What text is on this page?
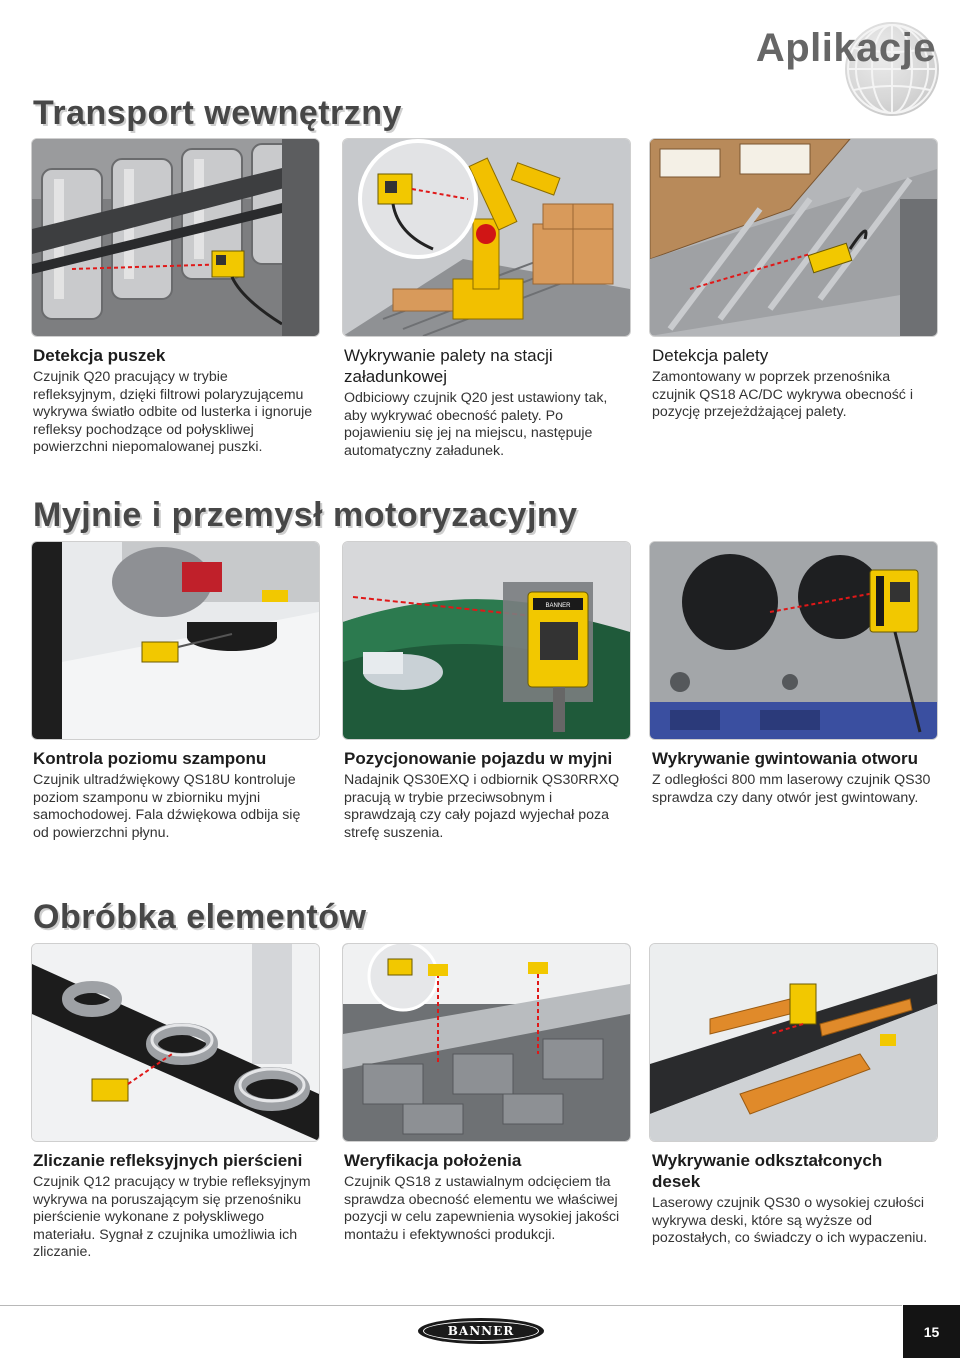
Aplikacje
Transport wewnętrzny
Detekcja puszek

Czujnik Q20 pracujący w trybie refleksyjnym, dzięki filtrowi polaryzującemu wykrywa światło odbite od lusterka i ignoruje refleksy pochodzące od połyskliwej powierzchni niepomalowanej puszki.

Wykrywanie palety na stacji załadunkowej

Odbiciowy czujnik Q20 jest ustawiony tak, aby wykrywać obecność palety. Po pojawieniu się jej na miejscu, następuje automatyczny załadunek.

Detekcja palety

Zamontowany w poprzek przenośnika czujnik QS18 AC/DC wykrywa obecność i pozycję przejeżdżającej palety.

Myjnie i przemysł motoryzacyjny
BANNER
Kontrola poziomu szamponu

Czujnik ultradźwiękowy QS18U kontroluje poziom szamponu w zbiorniku myjni samochodowej. Fala dźwiękowa odbija się od powierzchni płynu.

Pozycjonowanie pojazdu w myjni

Nadajnik QS30EXQ i odbiornik QS30RRXQ pracują w trybie przeciwsobnym i sprawdzają czy cały pojazd wyjechał poza strefę suszenia.

Wykrywanie gwintowania otworu

Z odległości 800 mm laserowy czujnik QS30 sprawdza czy dany otwór jest gwintowany.

Obróbka elementów
Zliczanie refleksyjnych pierścieni

Czujnik Q12 pracujący w trybie refleksyjnym wykrywa na poruszającym się przenośniku pierścienie wykonane z połyskliwego materiału. Sygnał z czujnika umożliwia ich zliczanie.

Weryfikacja położenia

Czujnik QS18 z ustawialnym odcięciem tła sprawdza obecność elementu we właściwej pozycji w celu zapewnienia wysokiej jakości montażu i efektywności produkcji.

Wykrywanie odkształconych desek

Laserowy czujnik QS30 o wysokiej czułości wykrywa deski, które są wyższe od pozostałych, co świadczy o ich wypaczeniu.

BANNER	15
